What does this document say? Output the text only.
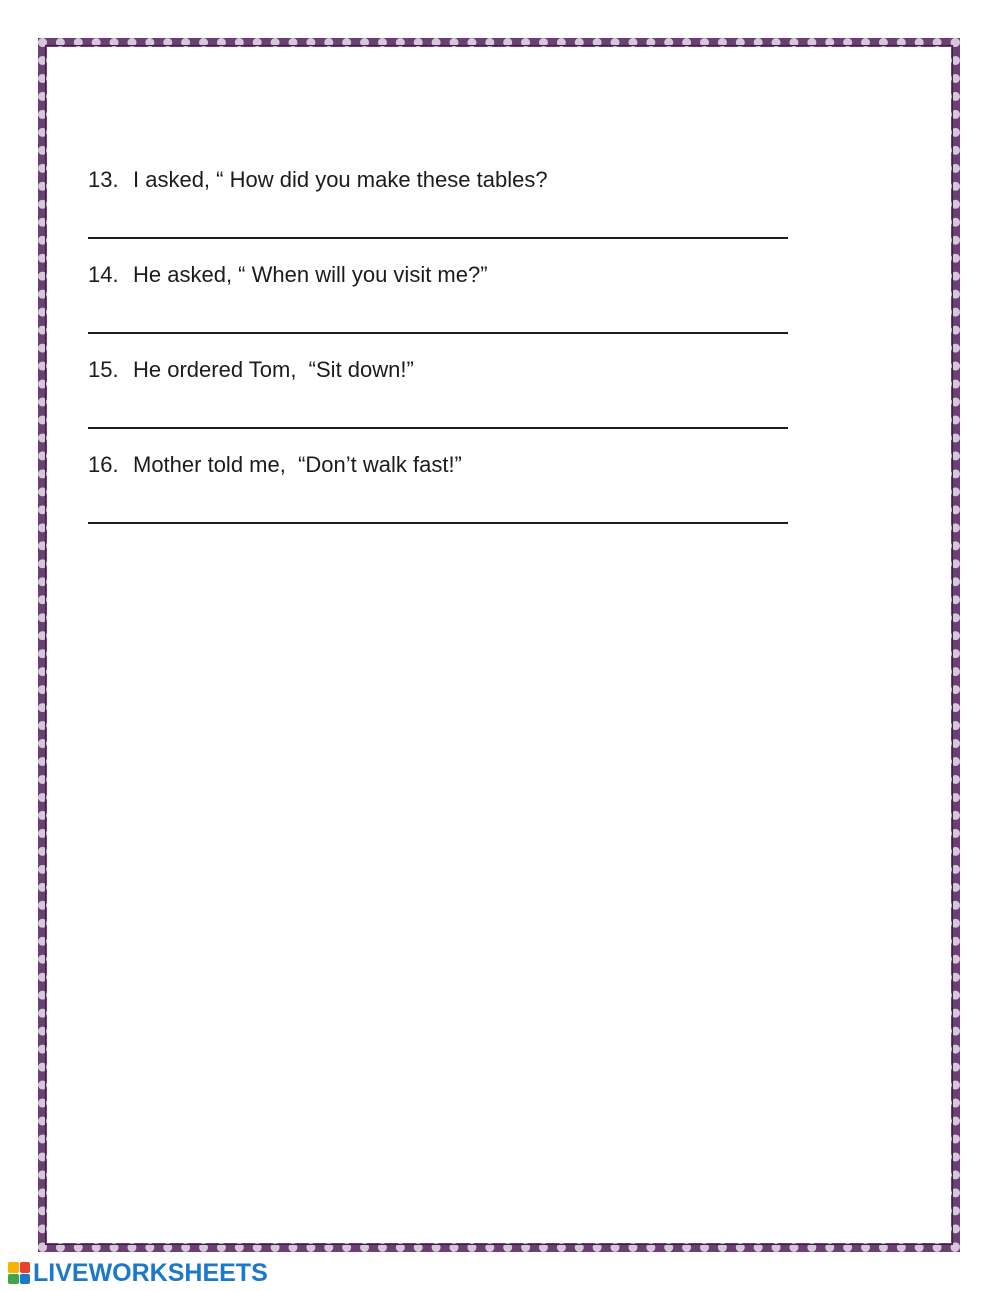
13. I asked, “ How did you make these tables?
14. He asked, “ When will you visit me?”
15. He ordered Tom,  “Sit down!”
16. Mother told me,  “Don’t walk fast!”
LIVEWORKSHEETS
